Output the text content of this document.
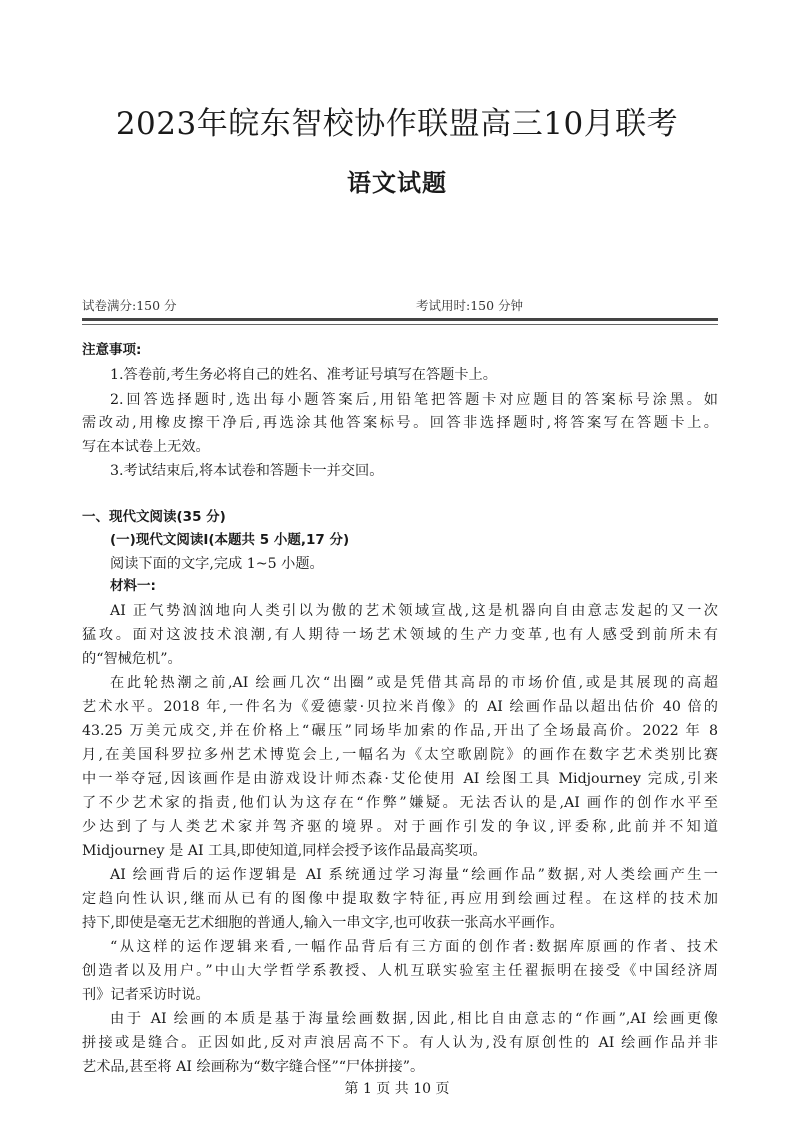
2023年皖东智校协作联盟高三10月联考
语文试题
试卷满分:150 分	考试用时:150 分钟
注意事项:
1.答卷前,考生务必将自己的姓名、准考证号填写在答题卡上。
2.回答选择题时,选出每小题答案后,用铅笔把答题卡对应题目的答案标号涂黑。如
需改动,用橡皮擦干净后,再选涂其他答案标号。回答非选择题时,将答案写在答题卡上。
写在本试卷上无效。
3.考试结束后,将本试卷和答题卡一并交回。
一、现代文阅读(35 分)
(一)现代文阅读Ⅰ(本题共 5 小题,17 分)
阅读下面的文字,完成 1~5 小题。
材料一:
AI 正气势汹汹地向人类引以为傲的艺术领域宣战,这是机器向自由意志发起的又一次
猛攻。面对这波技术浪潮,有人期待一场艺术领域的生产力变革,也有人感受到前所未有
的“智械危机”。
在此轮热潮之前,AI 绘画几次“出圈”或是凭借其高昂的市场价值,或是其展现的高超
艺术水平。2018 年,一件名为《爱德蒙·贝拉米肖像》的 AI 绘画作品以超出估价 40 倍的
43.25 万美元成交,并在价格上“碾压”同场毕加索的作品,开出了全场最高价。2022 年 8
月,在美国科罗拉多州艺术博览会上,一幅名为《太空歌剧院》的画作在数字艺术类别比赛
中一举夺冠,因该画作是由游戏设计师杰森·艾伦使用 AI 绘图工具 Midjourney 完成,引来
了不少艺术家的指责,他们认为这存在“作弊”嫌疑。无法否认的是,AI 画作的创作水平至
少达到了与人类艺术家并驾齐驱的境界。对于画作引发的争议,评委称,此前并不知道
Midjourney 是 AI 工具,即使知道,同样会授予该作品最高奖项。
AI 绘画背后的运作逻辑是 AI 系统通过学习海量“绘画作品”数据,对人类绘画产生一
定趋向性认识,继而从已有的图像中提取数字特征,再应用到绘画过程。在这样的技术加
持下,即使是毫无艺术细胞的普通人,输入一串文字,也可收获一张高水平画作。
“从这样的运作逻辑来看,一幅作品背后有三方面的创作者:数据库原画的作者、技术
创造者以及用户。”中山大学哲学系教授、人机互联实验室主任翟振明在接受《中国经济周
刊》记者采访时说。
由于 AI 绘画的本质是基于海量绘画数据,因此,相比自由意志的“作画”,AI 绘画更像
拼接或是缝合。正因如此,反对声浪居高不下。有人认为,没有原创性的 AI 绘画作品并非
艺术品,甚至将 AI 绘画称为“数字缝合怪”“尸体拼接”。
第 1 页 共 10 页
